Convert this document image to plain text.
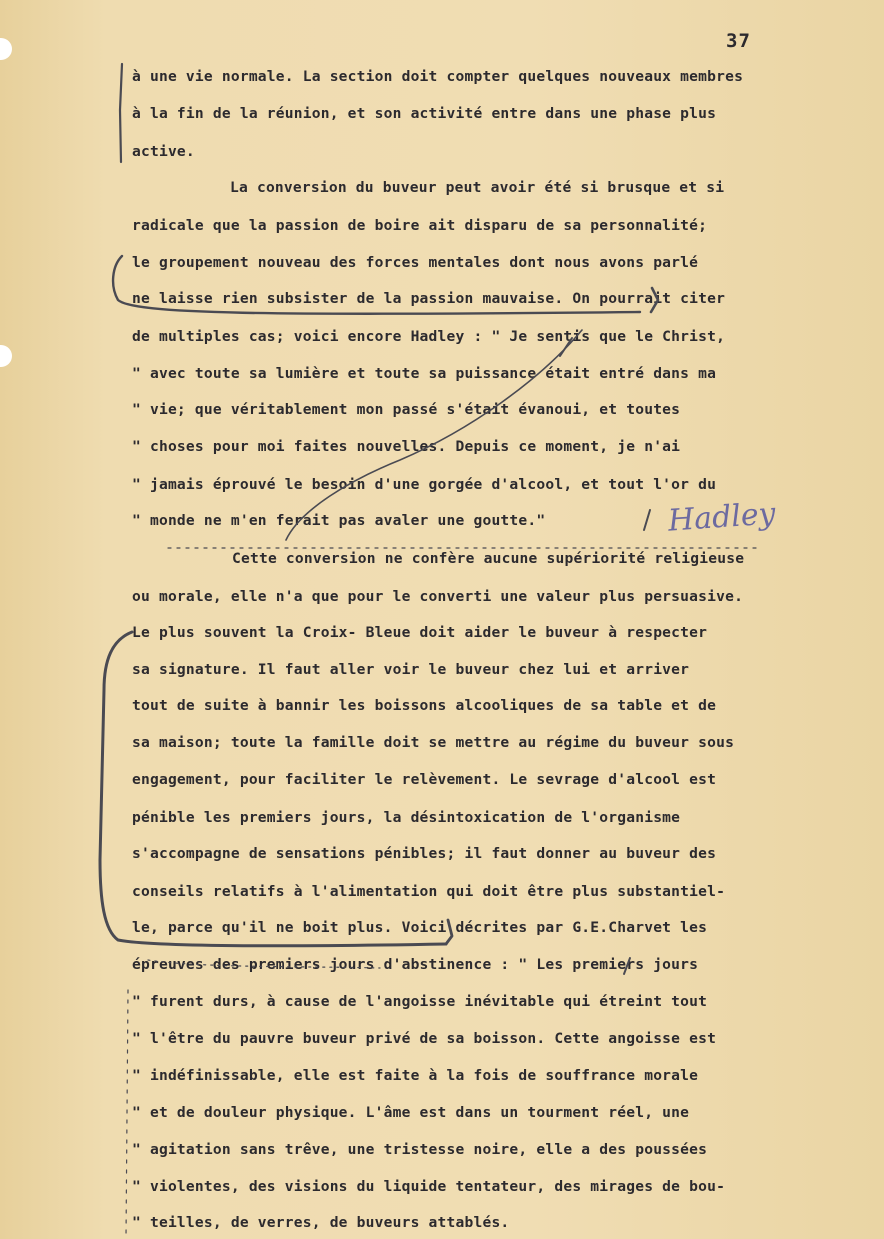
37
à une vie normale. La section doit compter quelques nouveaux membres
à la fin de la réunion, et son activité entre dans une phase plus
active.
La conversion du buveur peut avoir été si brusque et si
radicale que la passion de boire ait disparu de sa personnalité;
le groupement nouveau des forces mentales dont nous avons parlé
ne laisse rien subsister de la passion mauvaise. On pourrait citer
de multiples cas; voici encore Hadley : " Je sentis que le Christ,
" avec toute sa lumière et toute sa puissance était entré dans ma
" vie; que véritablement mon passé s'était évanoui, et toutes
" choses pour moi faites nouvelles. Depuis ce moment, je n'ai
" jamais éprouvé le besoin d'une gorgée d'alcool, et tout l'or du
" monde ne m'en ferait pas avaler une goutte."
Cette conversion ne confère aucune supériorité religieuse
ou morale, elle n'a que pour le converti une valeur plus persuasive.
Le plus souvent la Croix- Bleue doit aider le buveur à respecter
sa signature. Il faut aller voir le buveur chez lui et arriver
tout de suite à bannir les boissons alcooliques de sa table et de
sa maison; toute la famille doit se mettre au régime du buveur sous
engagement, pour faciliter le relèvement. Le sevrage d'alcool est
pénible les premiers jours, la désintoxication de l'organisme
s'accompagne de sensations pénibles; il faut donner au buveur des
conseils relatifs à l'alimentation qui doit être plus substantiel-
le, parce qu'il ne boit plus. Voici décrites par G.E.Charvet les
épreuves des premiers jours d'abstinence : " Les premiers jours
" furent durs, à cause de l'angoisse inévitable qui étreint tout
" l'être du pauvre buveur privé de sa boisson. Cette angoisse est
" indéfinissable, elle est faite à la fois de souffrance morale
" et de douleur physique. L'âme est dans un tourment réel, une
" agitation sans trêve, une tristesse noire, elle a des poussées
" violentes, des visions du liquide tentateur, des mirages de bou-
" teilles, de verres, de buveurs attablés.
Hadley
